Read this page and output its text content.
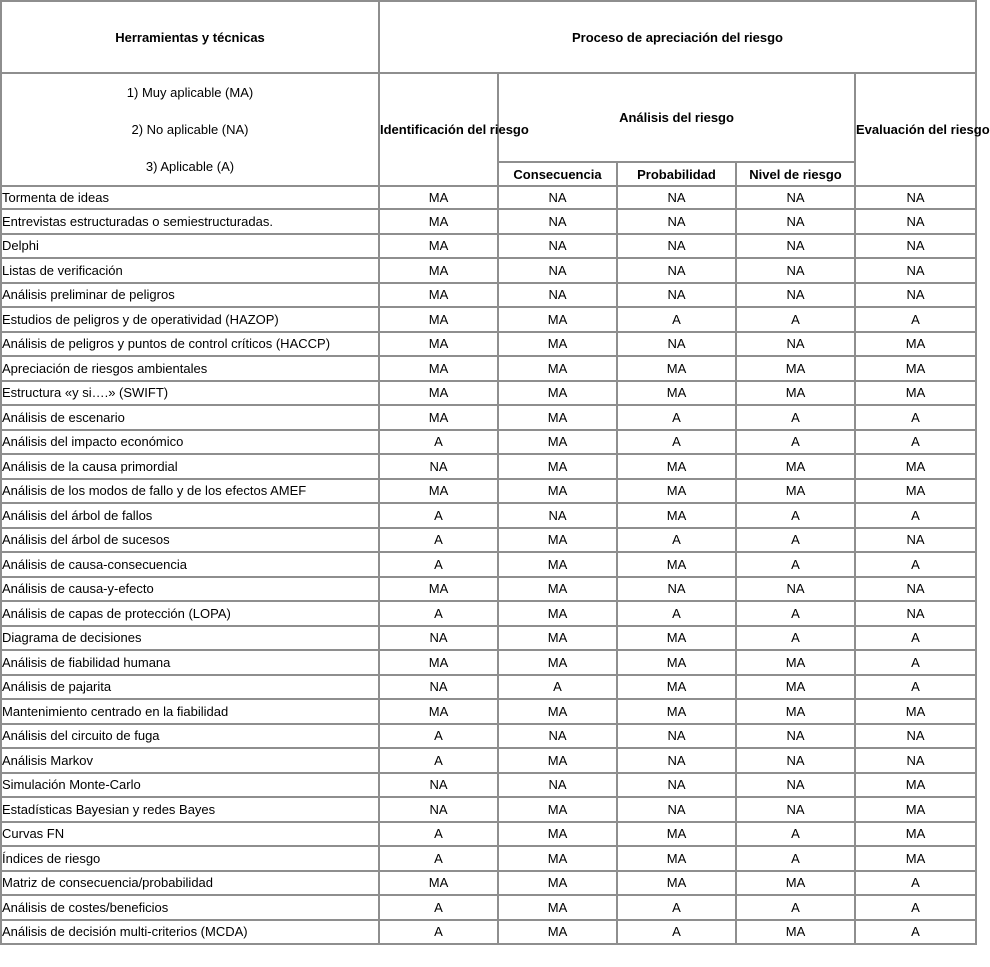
Herramientas y técnicas	Proceso de apreciación del riesgo				

1) Muy aplicable (MA)
2) No aplicable (NA)
3) Aplicable (A)					

	Identificación del riesgo	Análisis del riesgo			Evaluación del riesgo
		Consecuencia	Probabilidad	Nivel de riesgo	
Tormenta de ideas	MA	NA	NA	NA	NA
Entrevistas estructuradas o semiestructuradas.	MA	NA	NA	NA	NA
Delphi	MA	NA	NA	NA	NA
Listas de verificación	MA	NA	NA	NA	NA
Análisis preliminar de peligros	MA	NA	NA	NA	NA
Estudios de peligros y de operatividad (HAZOP)	MA	MA	A	A	A
Análisis de peligros y puntos de control críticos (HACCP)	MA	MA	NA	NA	MA
Apreciación de riesgos ambientales	MA	MA	MA	MA	MA
Estructura «y si….» (SWIFT)	MA	MA	MA	MA	MA
Análisis de escenario	MA	MA	A	A	A
Análisis del impacto económico	A	MA	A	A	A
Análisis de la causa primordial	NA	MA	MA	MA	MA
Análisis de los modos de fallo y de los efectos AMEF	MA	MA	MA	MA	MA
Análisis del árbol de fallos	A	NA	MA	A	A
Análisis del árbol de sucesos	A	MA	A	A	NA
Análisis de causa-consecuencia	A	MA	MA	A	A
Análisis de causa-y-efecto	MA	MA	NA	NA	NA
Análisis de capas de protección (LOPA)	A	MA	A	A	NA
Diagrama de decisiones	NA	MA	MA	A	A
Análisis de fiabilidad humana	MA	MA	MA	MA	A
Análisis de pajarita	NA	A	MA	MA	A
Mantenimiento centrado en la fiabilidad	MA	MA	MA	MA	MA
Análisis del circuito de fuga	A	NA	NA	NA	NA
Análisis Markov	A	MA	NA	NA	NA
Simulación Monte-Carlo	NA	NA	NA	NA	MA
Estadísticas Bayesian y redes Bayes	NA	MA	NA	NA	MA
Curvas FN	A	MA	MA	A	MA
Índices de riesgo	A	MA	MA	A	MA
Matriz de consecuencia/probabilidad	MA	MA	MA	MA	A
Análisis de costes/beneficios	A	MA	A	A	A
Análisis de decisión multi-criterios (MCDA)	A	MA	A	MA	A
